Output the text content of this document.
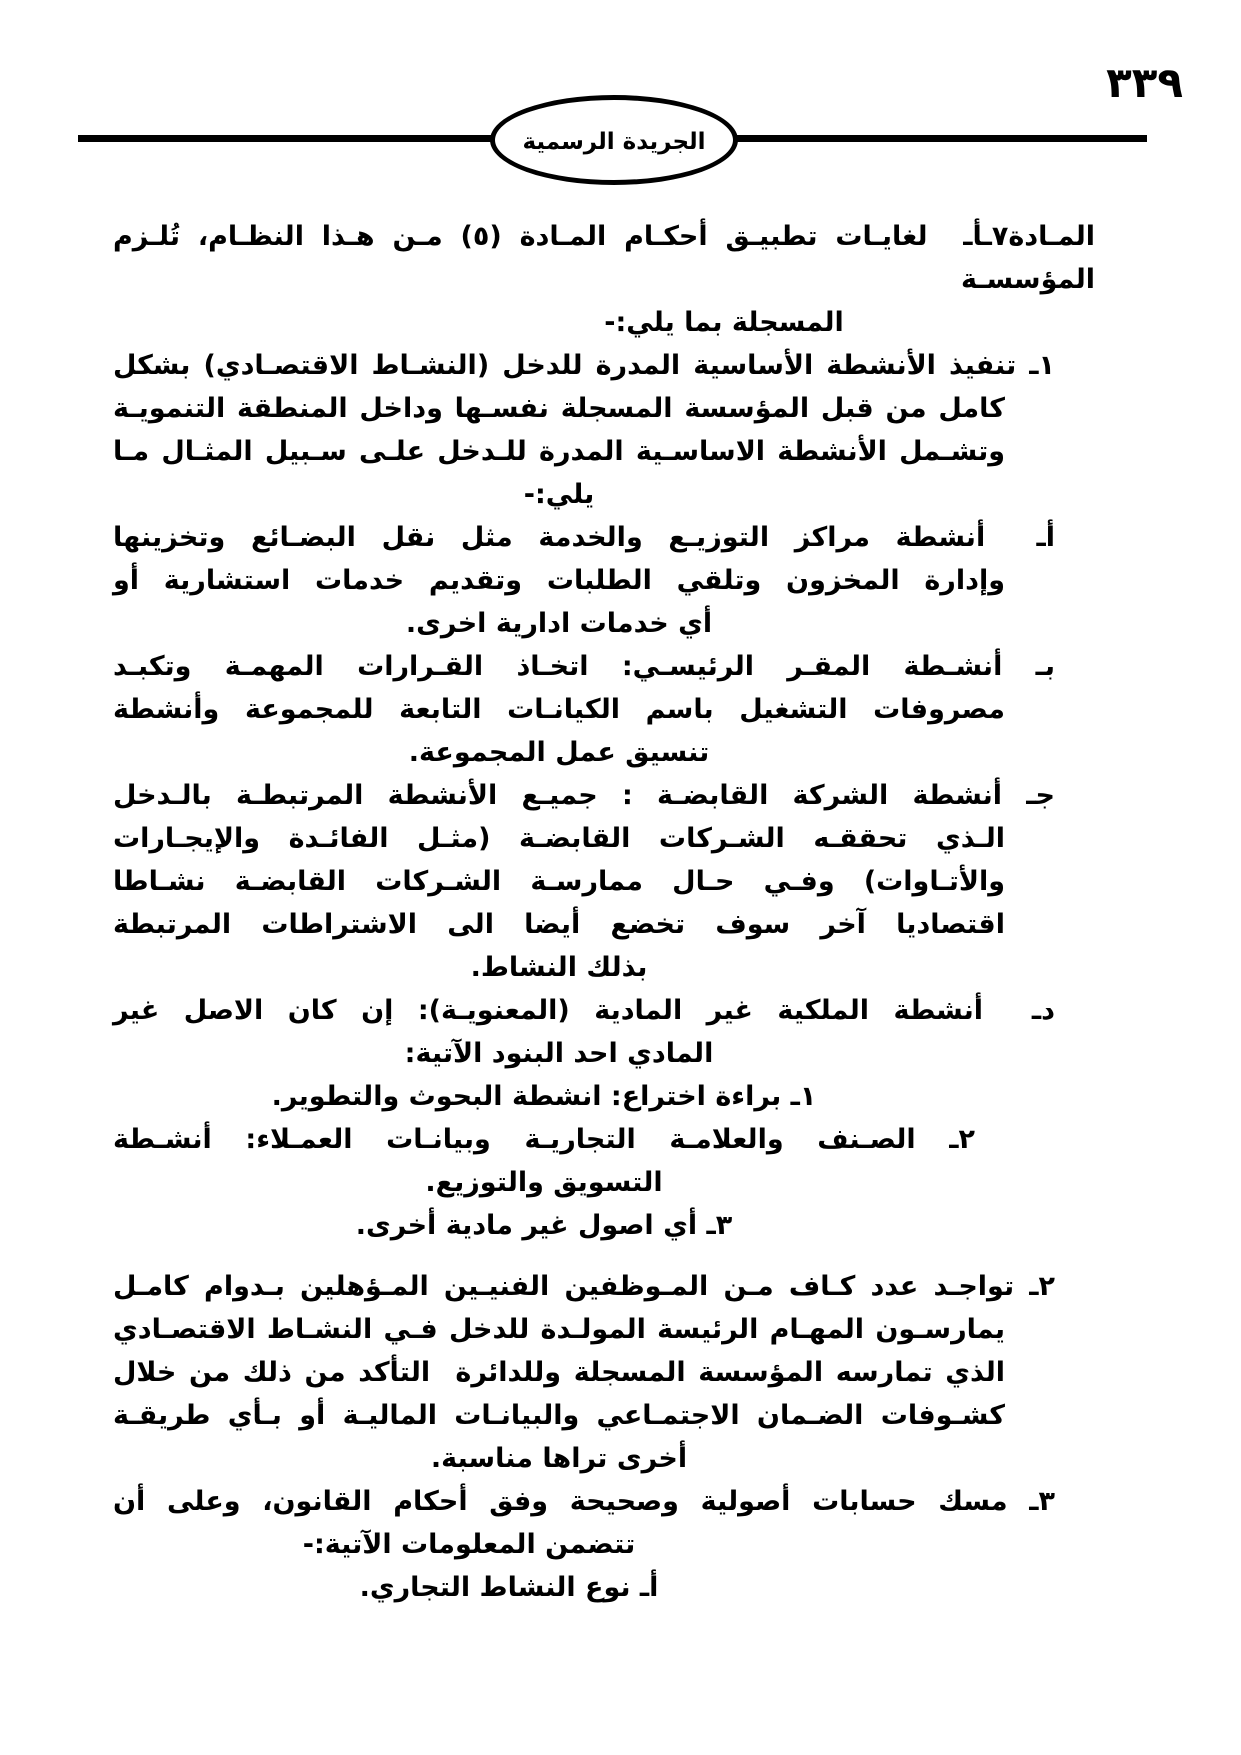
٣٣٩
الجريدة الرسمية
المـادة٧ـأـ  لغايـات تطبيـق أحكـام المـادة (٥) مـن هـذا النظـام، تُلـزم المؤسسـة
المسجلة بما يلي:-
١ـ تنفيذ الأنشطة الأساسية المدرة للدخل (النشـاط الاقتصـادي) بشكل
كامل من قبل المؤسسة المسجلة نفسـها وداخل المنطقة التنمويـة
وتشـمل الأنشطة الاساسـية المدرة للـدخل علـى سـبيل المثـال مـا
يلي:-
أـ  أنشطة مراكز التوزيـع والخدمة مثل نقل البضـائع وتخزينها
وإدارة المخزون وتلقي الطلبات وتقديم خدمات استشارية أو
أي خدمات ادارية اخرى.
بـ أنشـطة المقـر الرئيسـي: اتخـاذ القـرارات المهمـة وتكبـد
مصروفات التشغيل باسم الكيانـات التابعة للمجموعة وأنشطة
تنسيق عمل المجموعة.
جـ أنشطة الشركة القابضـة : جميـع الأنشطة المرتبطـة بالـدخل
الـذي تحققـه الشـركات القابضـة (مثـل الفائـدة والإيجـارات
والأتـاوات) وفـي حـال ممارسـة الشـركات القابضـة نشـاطا
اقتصاديا آخر سوف تخضع أيضا الى الاشتراطات المرتبطة
بذلك النشاط.
دـ  أنشطة الملكية غير المادية (المعنويـة): إن كان الاصل غير
المادي احد البنود الآتية:
١ـ براءة اختراع: انشطة البحوث والتطوير.
٢ـ الصـنف والعلامـة التجاريـة وبيانـات العمـلاء: أنشـطة
التسويق والتوزيع.
٣ـ أي اصول غير مادية أخرى.
٢ـ تواجـد عدد كـاف مـن المـوظفين الفنيـين المـؤهلين بـدوام كامـل
يمارسـون المهـام الرئيسة المولـدة للدخل فـي النشـاط الاقتصـادي
الذي تمارسه المؤسسة المسجلة وللدائرة  التأكد من ذلك من خلال
كشـوفات الضـمان الاجتمـاعي والبيانـات الماليـة أو بـأي طريقـة
أخرى تراها مناسبة.
٣ـ مسك حسابات أصولية وصحيحة وفق أحكام القانون، وعلى أن
تتضمن المعلومات الآتية:-
أـ نوع النشاط التجاري.
